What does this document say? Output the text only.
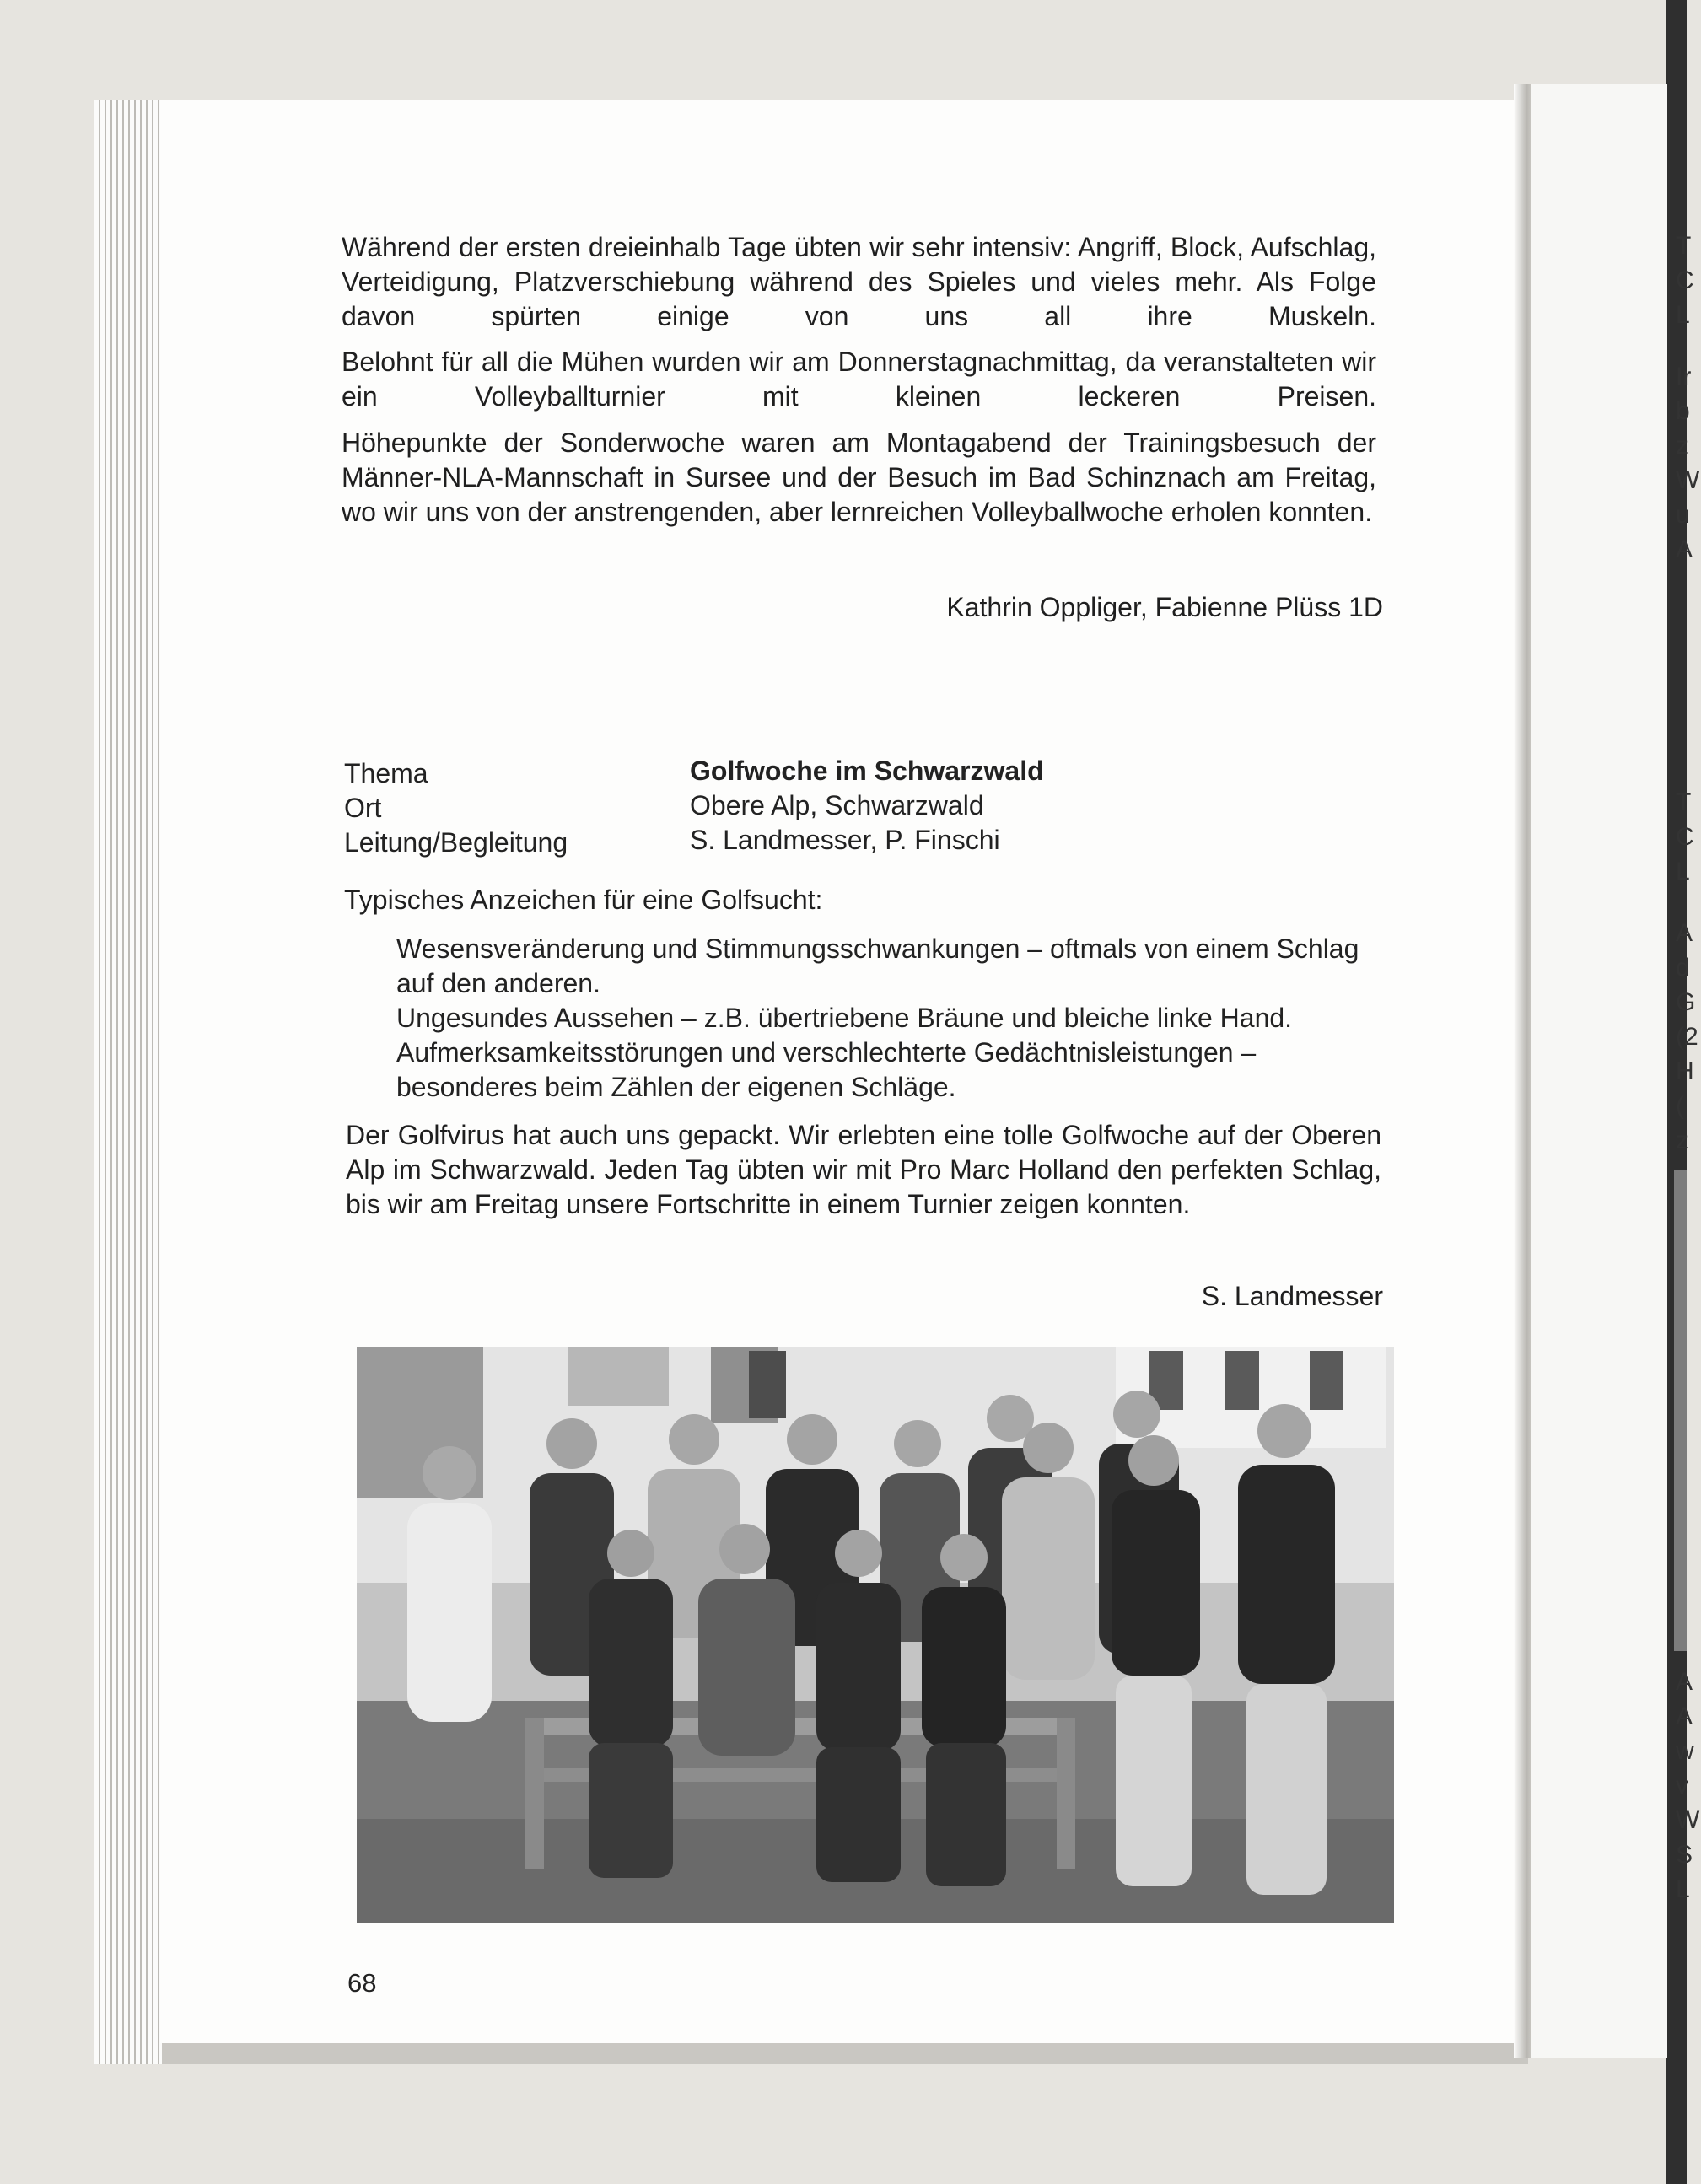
T
C
L
Ir
b
z
W
u
A
T
C
L
A
d
G
(2
H
(
z
A
A
w
v
W
S
L
Während der ersten dreieinhalb Tage übten wir sehr intensiv: Angriff, Block, Aufschlag, Verteidigung, Platzverschiebung während des Spieles und vieles mehr. Als Folge davon spürten einige von uns all ihre Muskeln.
Belohnt für all die Mühen wurden wir am Donnerstagnachmittag, da veranstalteten wir ein Volleyballturnier mit kleinen leckeren Preisen.
Höhepunkte der Sonderwoche waren am Montagabend der Trainingsbesuch der Männer-NLA-Mannschaft in Sursee und der Besuch im Bad Schinznach am Freitag, wo wir uns von der anstrengenden, aber lernreichen Volleyballwoche erholen konnten.
Kathrin Oppliger, Fabienne Plüss 1D
Thema	Golfwoche im Schwarzwald
Ort	Obere Alp, Schwarzwald
Leitung/Begleitung	S. Landmesser, P. Finschi
Typisches Anzeichen für eine Golfsucht:
Wesensveränderung und Stimmungsschwankungen – oftmals von einem Schlag auf den anderen.
Ungesundes Aussehen – z.B. übertriebene Bräune und bleiche linke Hand.
Aufmerksamkeitsstörungen und verschlechterte Gedächtnisleistungen – besonderes beim Zählen der eigenen Schläge.
Der Golfvirus hat auch uns gepackt. Wir erlebten eine tolle Golfwoche auf der Oberen Alp im Schwarzwald. Jeden Tag übten wir mit Pro Marc Holland den perfekten Schlag, bis wir am Freitag unsere Fortschritte in einem Turnier zeigen konnten.
S. Landmesser
68
